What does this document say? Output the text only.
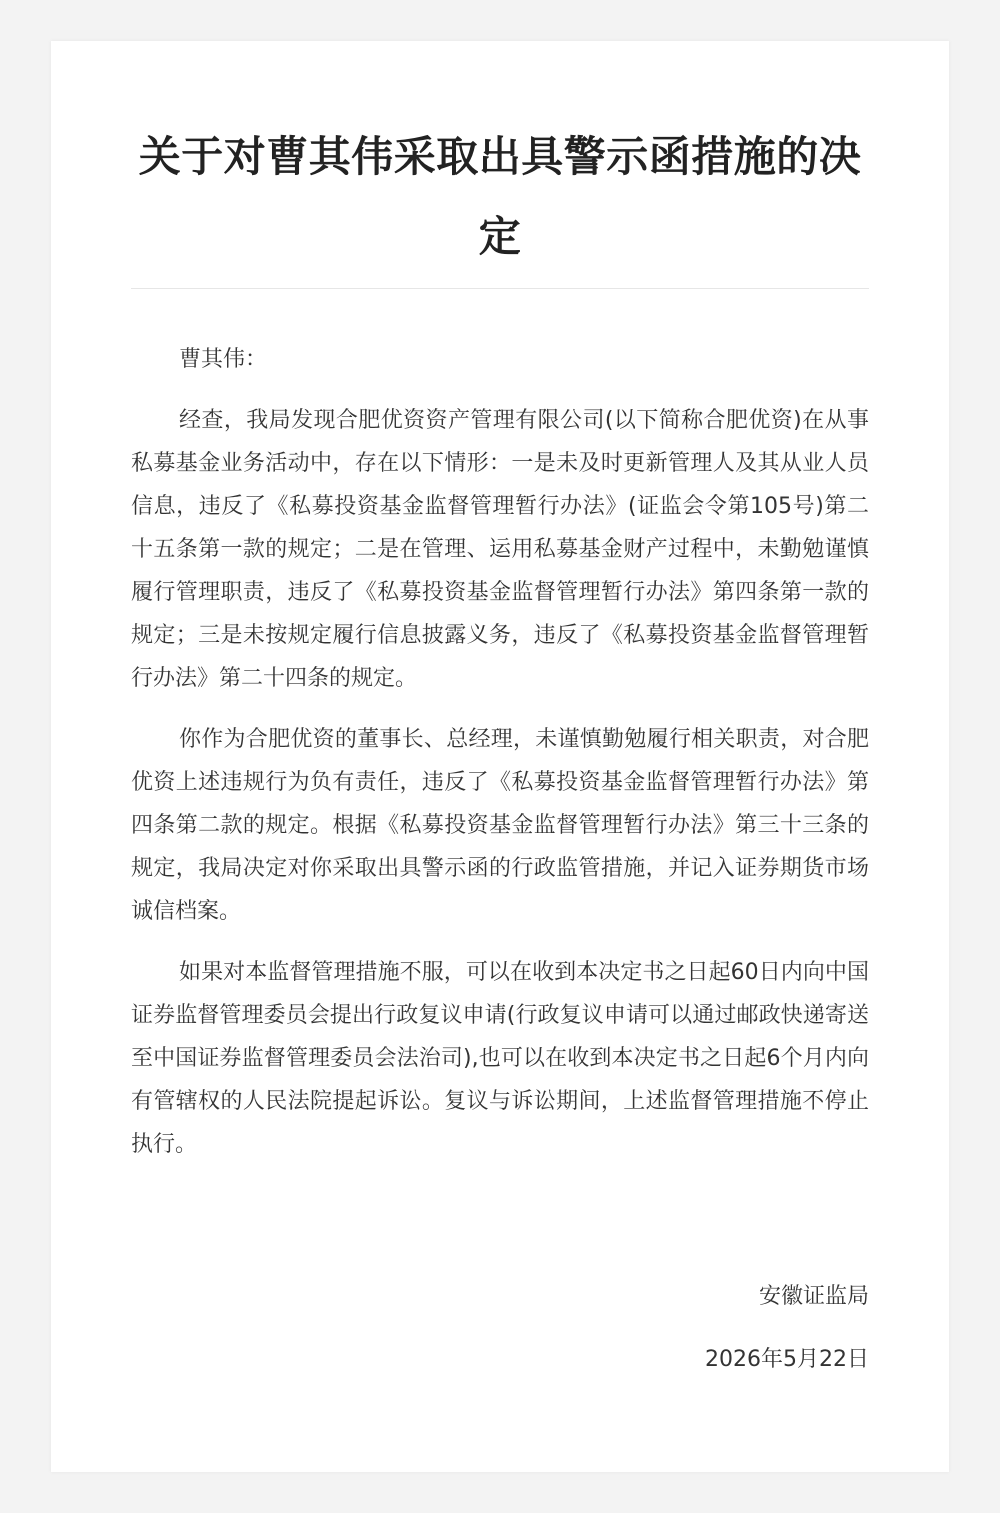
关于对曹其伟采取出具警示函措施的决定

曹其伟：

经查，我局发现合肥优资资产管理有限公司(以下简称合肥优资)在从事私募基金业务活动中，存在以下情形：一是未及时更新管理人及其从业人员信息，违反了《私募投资基金监督管理暂行办法》(证监会令第105号)第二十五条第一款的规定；二是在管理、运用私募基金财产过程中，未勤勉谨慎履行管理职责，违反了《私募投资基金监督管理暂行办法》第四条第一款的规定；三是未按规定履行信息披露义务，违反了《私募投资基金监督管理暂行办法》第二十四条的规定。

你作为合肥优资的董事长、总经理，未谨慎勤勉履行相关职责，对合肥优资上述违规行为负有责任，违反了《私募投资基金监督管理暂行办法》第四条第二款的规定。根据《私募投资基金监督管理暂行办法》第三十三条的规定，我局决定对你采取出具警示函的行政监管措施，并记入证券期货市场诚信档案。

如果对本监督管理措施不服，可以在收到本决定书之日起60日内向中国证券监督管理委员会提出行政复议申请(行政复议申请可以通过邮政快递寄送至中国证券监督管理委员会法治司),也可以在收到本决定书之日起6个月内向有管辖权的人民法院提起诉讼。复议与诉讼期间，上述监督管理措施不停止执行。

安徽证监局
2026年5月22日
